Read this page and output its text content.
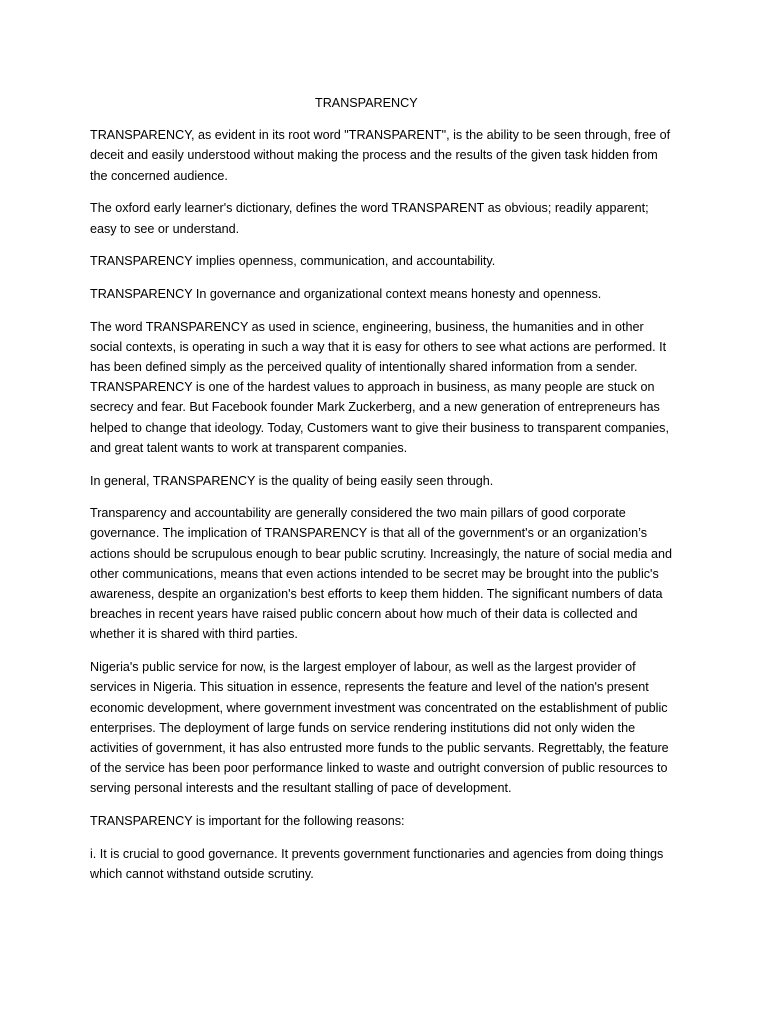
TRANSPARENCY

TRANSPARENCY, as evident in its root word "TRANSPARENT", is the ability to be seen through, free of deceit and easily understood without making the process and the results of the given task hidden from the concerned audience.

The oxford early learner's dictionary, defines the word TRANSPARENT as obvious; readily apparent; easy to see or understand.

TRANSPARENCY implies openness, communication, and accountability.

TRANSPARENCY In governance and organizational context means honesty and openness.

The word TRANSPARENCY as used in science, engineering, business, the humanities and in other social contexts, is operating in such a way that it is easy for others to see what actions are performed. It has been defined simply as the perceived quality of intentionally shared information from a sender. TRANSPARENCY is one of the hardest values to approach in business, as many people are stuck on secrecy and fear. But Facebook founder Mark Zuckerberg, and a new generation of entrepreneurs has helped to change that ideology. Today, Customers want to give their business to transparent companies, and great talent wants to work at transparent companies.

In general, TRANSPARENCY is the quality of being easily seen through.

Transparency and accountability are generally considered the two main pillars of good corporate governance. The implication of TRANSPARENCY is that all of the government's or an organization’s actions should be scrupulous enough to bear public scrutiny. Increasingly, the nature of social media and other communications, means that even actions intended to be secret may be brought into the public's awareness, despite an organization's best efforts to keep them hidden. The significant numbers of data breaches in recent years have raised public concern about how much of their data is collected and whether it is shared with third parties.

Nigeria's public service for now, is the largest employer of labour, as well as the largest provider of services in Nigeria. This situation in essence, represents the feature and level of the nation's present economic development, where government investment was concentrated on the establishment of public enterprises. The deployment of large funds on service rendering institutions did not only widen the activities of government, it has also entrusted more funds to the public servants. Regrettably, the feature of the service has been poor performance linked to waste and outright conversion of public resources to serving personal interests and the resultant stalling of pace of development.

TRANSPARENCY is important for the following reasons:

i. It is crucial to good governance. It prevents government functionaries and agencies from doing things which cannot withstand outside scrutiny.
